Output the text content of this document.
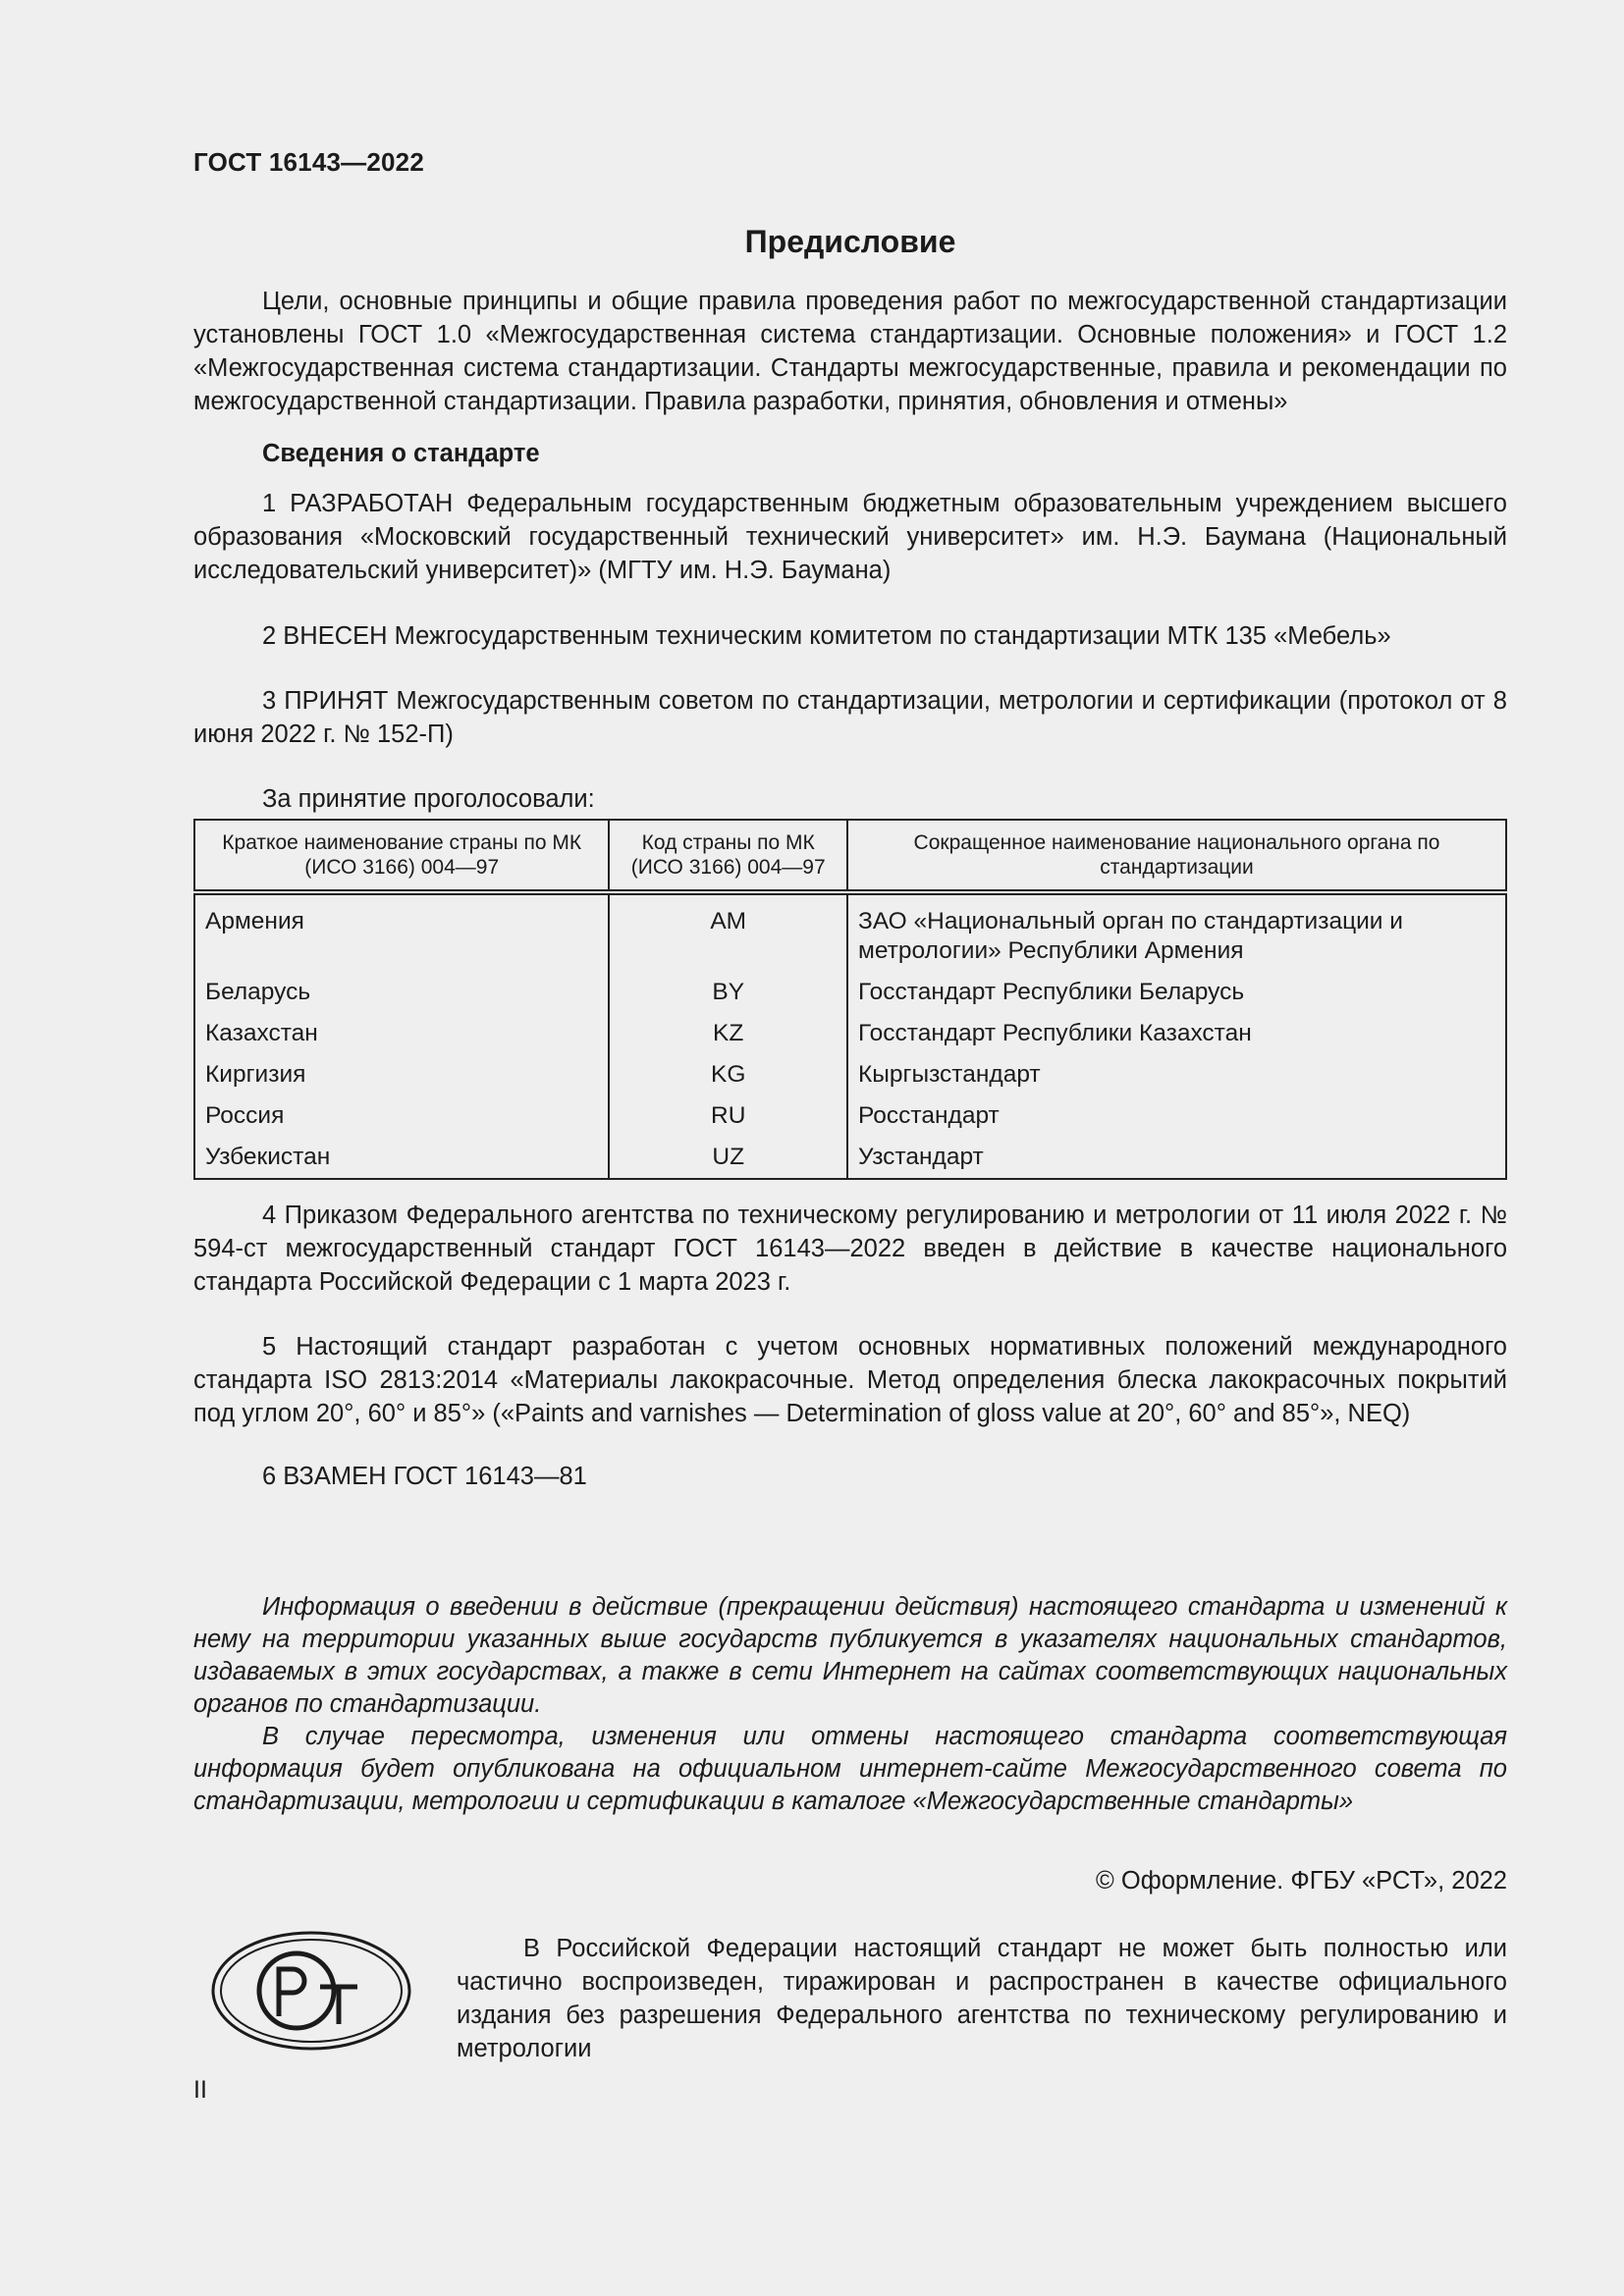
ГОСТ 16143—2022
Предисловие

Цели, основные принципы и общие правила проведения работ по межгосударственной стандартизации установлены ГОСТ 1.0 «Межгосударственная система стандартизации. Основные положения» и ГОСТ 1.2 «Межгосударственная система стандартизации. Стандарты межгосударственные, правила и рекомендации по межгосударственной стандартизации. Правила разработки, принятия, обновления и отмены»

Сведения о стандарте

1 РАЗРАБОТАН Федеральным государственным бюджетным образовательным учреждением высшего образования «Московский государственный технический университет» им. Н.Э. Баумана (Национальный исследовательский университет)» (МГТУ им. Н.Э. Баумана)

2 ВНЕСЕН Межгосударственным техническим комитетом по стандартизации МТК 135 «Мебель»

3 ПРИНЯТ Межгосударственным советом по стандартизации, метрологии и сертификации (протокол от 8 июня 2022 г. № 152-П)

За принятие проголосовали:

Краткое наименование страны по МК (ИСО 3166) 004—97	Код страны по МК (ИСО 3166) 004—97	Сокращенное наименование национального органа по стандартизации
Армения	AM	ЗАО «Национальный орган по стандартизации и метрологии» Республики Армения
Беларусь	BY	Госстандарт Республики Беларусь
Казахстан	KZ	Госстандарт Республики Казахстан
Киргизия	KG	Кыргызстандарт
Россия	RU	Росстандарт
Узбекистан	UZ	Узстандарт

4 Приказом Федерального агентства по техническому регулированию и метрологии от 11 июля 2022 г. № 594-ст межгосударственный стандарт ГОСТ 16143—2022 введен в действие в качестве национального стандарта Российской Федерации с 1 марта 2023 г.

5 Настоящий стандарт разработан с учетом основных нормативных положений международного стандарта ISO 2813:2014 «Материалы лакокрасочные. Метод определения блеска лакокрасочных покрытий под углом 20°, 60° и 85°» («Paints and varnishes — Determination of gloss value at 20°, 60° and 85°», NEQ)

6 ВЗАМЕН ГОСТ 16143—81

Информация о введении в действие (прекращении действия) настоящего стандарта и изменений к нему на территории указанных выше государств публикуется в указателях национальных стандартов, издаваемых в этих государствах, а также в сети Интернет на сайтах соответствующих национальных органов по стандартизации.

В случае пересмотра, изменения или отмены настоящего стандарта соответствующая информация будет опубликована на официальном интернет-сайте Межгосударственного совета по стандартизации, метрологии и сертификации в каталоге «Межгосударственные стандарты»

© Оформление. ФГБУ «РСТ», 2022
В Российской Федерации настоящий стандарт не может быть полностью или частично воспроизведен, тиражирован и распространен в качестве официального издания без разрешения Федерального агентства по техническому регулированию и метрологии
II
